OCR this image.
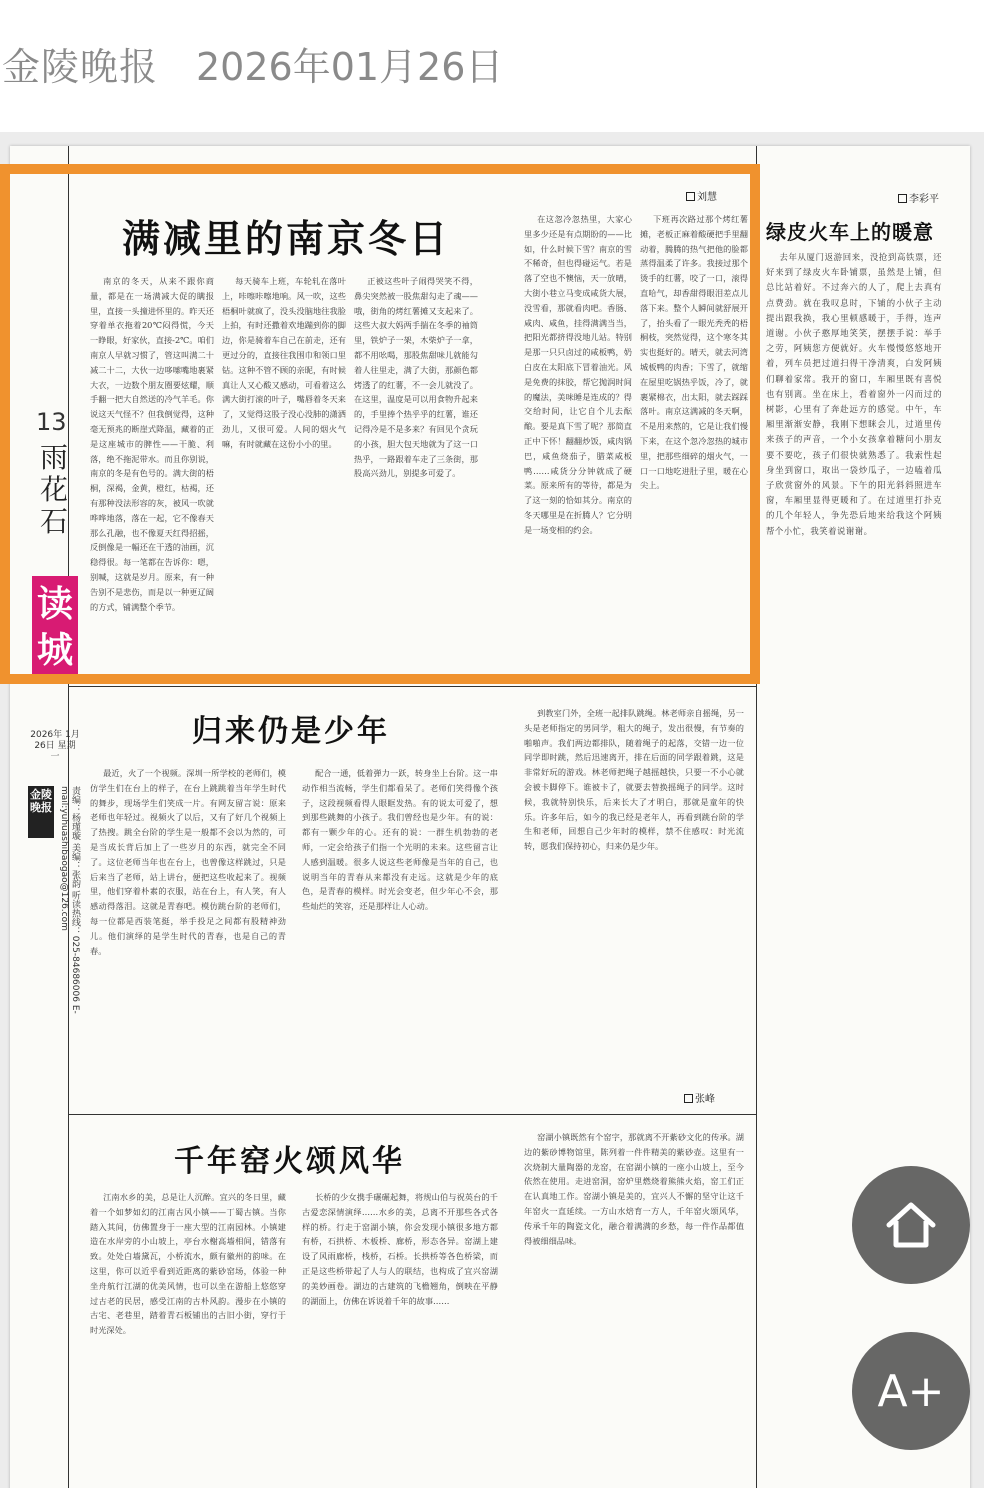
金陵晚报 2026年01月26日
13
雨花石
读城
2026年 1月26日 星期一
金陵晚报	责编：杨瑾璇 美编：张韵 听读热线：025-84686006 E-mail:yuhuashibaogao@126.com
刘慧
满减里的南京冬日
南京的冬天，从来不跟你商量，都是在一场满减大促的瞒报里，直接一头撞进怀里的。昨天还穿着单衣拖着20℃闷得慌，今天一睁眼，好家伙，直接-2℃。咱们南京人早就习惯了，管这叫满二十减二十二，大伙一边哆嗦嘴地裹紧大衣，一边数个朋友圈要炫耀，顺手翻一把大自然送的冷气羊毛。你说这天气怪不？但我倒觉得，这种毫无预兆的断崖式降温，藏着的正是这座城市的脾性——干脆、利落，绝不拖泥带水。而且你别说，南京的冬是有色号的。满大街的梧桐，深褐，金黄，橙红，枯褐，还有那种没法形容的灰，被风一吹就哗哗地落，落在一起，它不像春天那么孔融，也不像夏天红得招摇，反倒像是一幅还在干透的油画，沉稳得很。每一笔都在告诉你：嗯，别喊，这就是岁月。原来，有一种告别不是悲伤，而是以一种更辽阔的方式，铺满整个季节。
每天骑车上班，车轮轧在落叶上，咔嚓咔嚓地响。风一吹，这些梧桐叶就疯了，没头没脑地往我脸上拍，有时还撒着欢地蹦到你的脚边，你是骑着车自己在前走，还有更过分的，直接往我围巾和领口里钻。这种不管不顾的亲昵，有时候真让人又心酸又感动，可看着这么满大街打滚的叶子，嘴唇着冬天来了，又觉得这股子没心没肺的潇洒劲儿，又很可爱。人间的烟火气嘛，有时就藏在这份小小的里。
正被这些叶子闹得哭笑不得，鼻尖突然被一股焦甜勾走了魂——哦，街角的烤红薯摊又支起来了。这些大叔大妈两手揣在冬季的袖筒里，铁炉子一架，木柴炉子一拿，都不用吆喝，那股焦甜味儿就能勾着人往里走，满了大街，那颜色都烤透了的红薯，不一会儿就没了。在这里，温度是可以用食物升起来的，手里捧个热乎乎的红薯，谁还记得冷是不是多来？有回见个贪玩的小孩，胆大包天地就为了这一口热乎，一路跟着车走了三条街，那股高兴劲儿，别提多可爱了。
在这忽冷忽热里，大家心里多少还是有点期盼的——比如，什么时候下雪？南京的雪不稀奇，但也得碰运气。若是落了空也不懊恼，天一放晴，大街小巷立马变成咸货大展，没雪看，那就看肉吧。香肠、咸肉、咸鱼，挂得满满当当，把阳光都挤得没地儿站。特别是那一只只卤过的咸板鸭，奶白皮在太阳底下冒着油光。风是免费的抹胶，帮它抛润时间的魔法，美味睡是连成的？得交给时间，让它自个儿去酝酿。要是真下雪了呢？那简直正中下怀！翻翻炒饭，咸肉锅巴，咸鱼烧茄子，腊菜咸板鸭……咸货分分钟就成了硬菜。原来所有的等待，都是为了这一刻的恰如其分。南京的冬天哪里是在折腾人？它分明是一场变相的约会。
下班再次路过那个烤红薯摊，老板正麻着酸硬把手里翻动着，腾腾的热气把他的脸都蒸得温柔了许多。我接过那个烫手的红薯，咬了一口，滚得直哈气，却香甜得眼泪差点儿落下来。整个人瞬间就舒展开了，抬头看了一眼光秃秃的梧桐枝，突然觉得，这个寒冬其实也挺好的。晴天，就去河湾城板鸭的肉香；下雪了，就缩在屋里吃锅热乎饭，冷了，就裹紧棉衣，出太阳，就去踩踩落叶。南京这满减的冬天啊，不是用来熬的，它是让我们慢下来，在这个忽冷忽热的城市里，把那些细碎的烟火气，一口一口地吃进肚子里，暖在心尖上。
李彩平
绿皮火车上的暖意
去年从厦门返游回来，没抢到高铁票，还好来到了绿皮火车卧铺票，虽然是上铺，但总比站着好。不过奔六的人了，爬上去真有点费劲。就在我叹息时，下铺的小伙子主动提出跟我换，我心里顿感暖于，手得，连声道谢。小伙子憨厚地笑笑，摆摆手说：举手之劳，阿姨您方便就好。火车慢慢悠悠地开着，列车员把过道扫得干净清爽，白发阿姨们聊着家常。我开的窗口，车厢里既有喜悦也有别离。坐在床上，看着窗外一闪而过的树影，心里有了奔赴远方的感觉。中午，车厢里渐渐安静，我刚下想眯会儿，过道里传来孩子的声音，一个小女孩拿着糖问小朋友要不要吃，孩子们很快就熟悉了。我索性起身坐到窗口，取出一袋炒瓜子，一边嗑着瓜子欣赏窗外的风景。下午的阳光斜斜照进车窗，车厢里显得更暖和了。在过道里打扑克的几个年轻人，争先恐后地来给我这个阿姨帮个小忙，我笑着说谢谢。
归来仍是少年
最近，火了一个视频。深圳一所学校的老师们，模仿学生们在台上的样子，在台上跳跳着当年学生时代的舞步，现场学生们笑成一片。有网友留言说：原来老师也年轻过。视频火了以后，又有了好几个视频上了热搜。跳全台阶的学生是一般都不会以为然的，可是当成长背后加上了一些岁月的东西，就完全不同了。这位老师当年也在台上，也曾像这样跳过，只是后来当了老师，站上讲台，便把这些收起来了。视频里，他们穿着朴素的衣服，站在台上，有人笑，有人感动得落泪。这就是青春吧。模仿跳台阶的老师们，每一位都是西装笔挺，举手投足之间都有股精神劲儿。他们演绎的是学生时代的青春，也是自己的青春。
配合一通，低着弹力一跃，转身坐上台阶。这一串动作相当流畅，学生们都看呆了。老师们笑得像个孩子，这段视频看得人眼眶发热。有的说太可爱了，想到那些跳舞的小孩子。我们曾经也是少年。有的说：都有一颗少年的心。还有的说：一群生机勃勃的老师，一定会给孩子们指一个光明的未来。这些留言让人感到温暖。很多人说这些老师像是当年的自己，也说明当年的青春从来都没有走远。这就是少年的底色，是青春的模样。时光会变老，但少年心不会，那些灿烂的笑容，还是那样让人心动。
到教室门外，全班一起排队跳绳。林老师亲自摇绳，另一头是老师指定的男同学，粗大的绳子，发出很慢，有节奏的啪啪声。我们两边都排队，随着绳子的起落，交错一边一位同学即时跳，然后迅速离开，排在后面的同学跟着跳，这是非常好玩的游戏。林老师把绳子越摇越快，只要一不小心就会被卡脚停下。谁被卡了，就要去替换摇绳子的同学。这时候，我就特别快乐，后来长大了才明白，那就是童年的快乐。许多年后，如今的我已经是老年人，再看到跳台阶的学生和老师，回想自己少年时的模样，禁不住感叹：时光流转，愿我们保持初心，归来仍是少年。
张峰
千年窑火颂风华
江南水乡的美，总是让人沉醉。宜兴的冬日里，藏着一个如梦如幻的江南古风小镇——丁蜀古镇。当你踏入其间，仿佛置身于一座大型的江南园林。小镇建造在水岸旁的小山坡上，亭台水榭高墙相间，错落有致。处处白墙黛瓦，小桥流水，颇有徽州的韵味。在这里，你可以近乎看到近距离的紫砂窑场，体验一种坐舟航行江湖的优美风情，也可以坐在游船上悠悠穿过古老的民居，感受江南的古朴风韵。漫步在小镇的古宅、老巷里，踏着青石板铺出的古旧小街，穿行于时光深处。
长桥的少女携手碾碾起舞，将规山伯与祝英台的千古爱恋深情演绎……水乡的美，总离不开那些各式各样的桥。行走于窑湖小镇，你会发现小镇很多地方都有桥，石拱桥、木板桥、廊桥，形态各异。窑湖上建设了风雨廊桥，栈桥，石桥。长拱桥等各色桥梁，而正是这些桥带起了人与人的联结，也构成了宜兴窑湖的美妙画卷。湖边的古建筑的飞檐翘角，倒映在平静的湖面上，仿佛在诉说着千年的故事……
窑湖小镇既然有个窑字，那就离不开紫砂文化的传承。湖边的紫砂博物馆里，陈列着一件件精美的紫砂壶。这里有一次烧制大量陶器的龙窑，在窑湖小镇的一座小山坡上，至今依然在使用。走进窑洞，窑炉里燃烧着熊熊火焰，窑工们正在认真地工作。窑湖小镇是美的，宜兴人不懈的坚守让这千年窑火一直延续。一方山水焙育一方人，千年窑火颂风华，传承千年的陶瓷文化，融合着满满的乡愁，每一件作品都值得被细细品味。
A+
